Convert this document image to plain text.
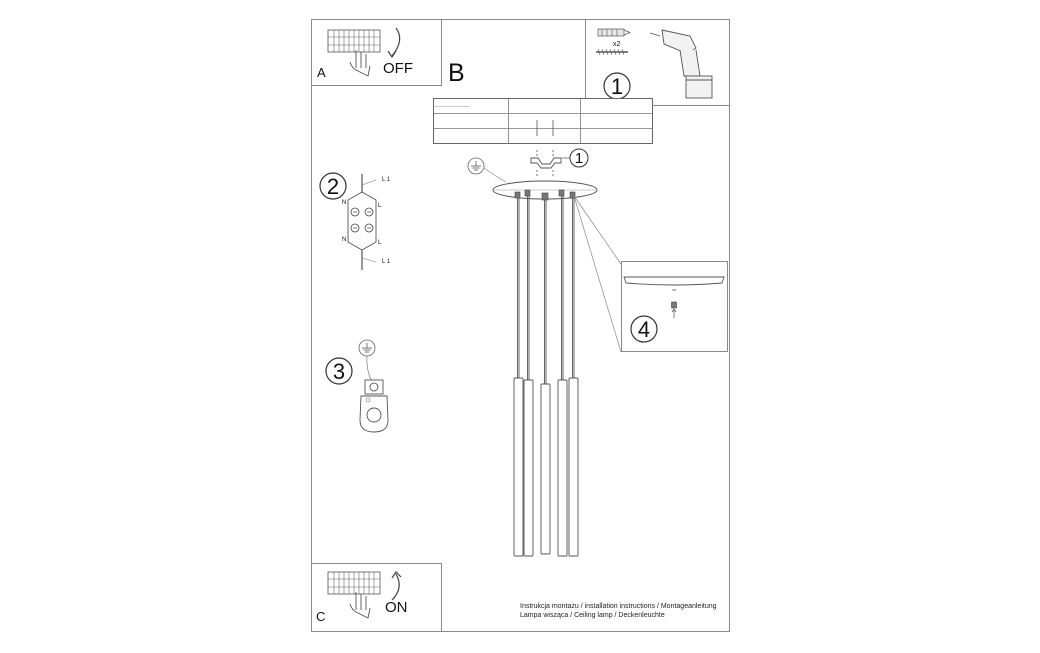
A	OFF B
C
ON
x2
1
1
2
3
4
L 1
N	L
N	L
L 1
Instrukcja montażu / installation instructions / Montageanleitung
Lampa wisząca / Ceiling lamp / Deckenleuchte
